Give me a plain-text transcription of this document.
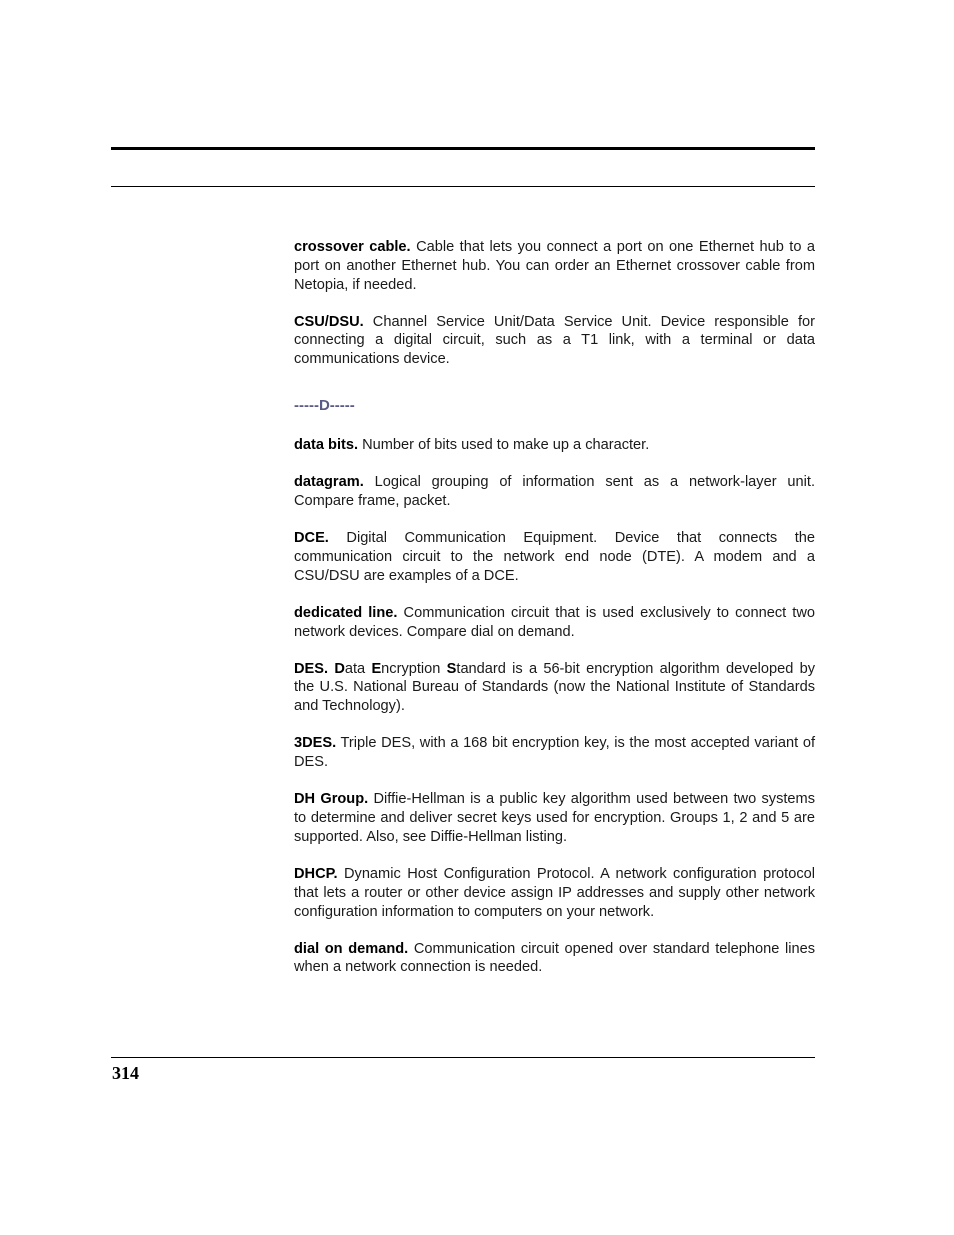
crossover cable. Cable that lets you connect a port on one Ethernet hub to a port on another Ethernet hub. You can order an Ethernet crossover cable from Netopia, if needed.

CSU/DSU. Channel Service Unit/Data Service Unit. Device responsible for connecting a digital circuit, such as a T1 link, with a terminal or data communications device.

-----D-----

data bits. Number of bits used to make up a character.

datagram. Logical grouping of information sent as a network-layer unit. Compare frame, packet.

DCE. Digital Communication Equipment. Device that connects the communication circuit to the network end node (DTE). A modem and a CSU/DSU are examples of a DCE.

dedicated line. Communication circuit that is used exclusively to connect two network devices. Compare dial on demand.

DES. Data Encryption Standard is a 56-bit encryption algorithm developed by the U.S. National Bureau of Standards (now the National Institute of Standards and Technology).

3DES. Triple DES, with a 168 bit encryption key, is the most accepted variant of DES.

DH Group. Diffie-Hellman is a public key algorithm used between two systems to determine and deliver secret keys used for encryption. Groups 1, 2 and 5 are supported. Also, see Diffie-Hellman listing.

DHCP. Dynamic Host Configuration Protocol. A network configuration protocol that lets a router or other device assign IP addresses and supply other network configuration information to computers on your network.

dial on demand. Communication circuit opened over standard telephone lines when a network connection is needed.

314
